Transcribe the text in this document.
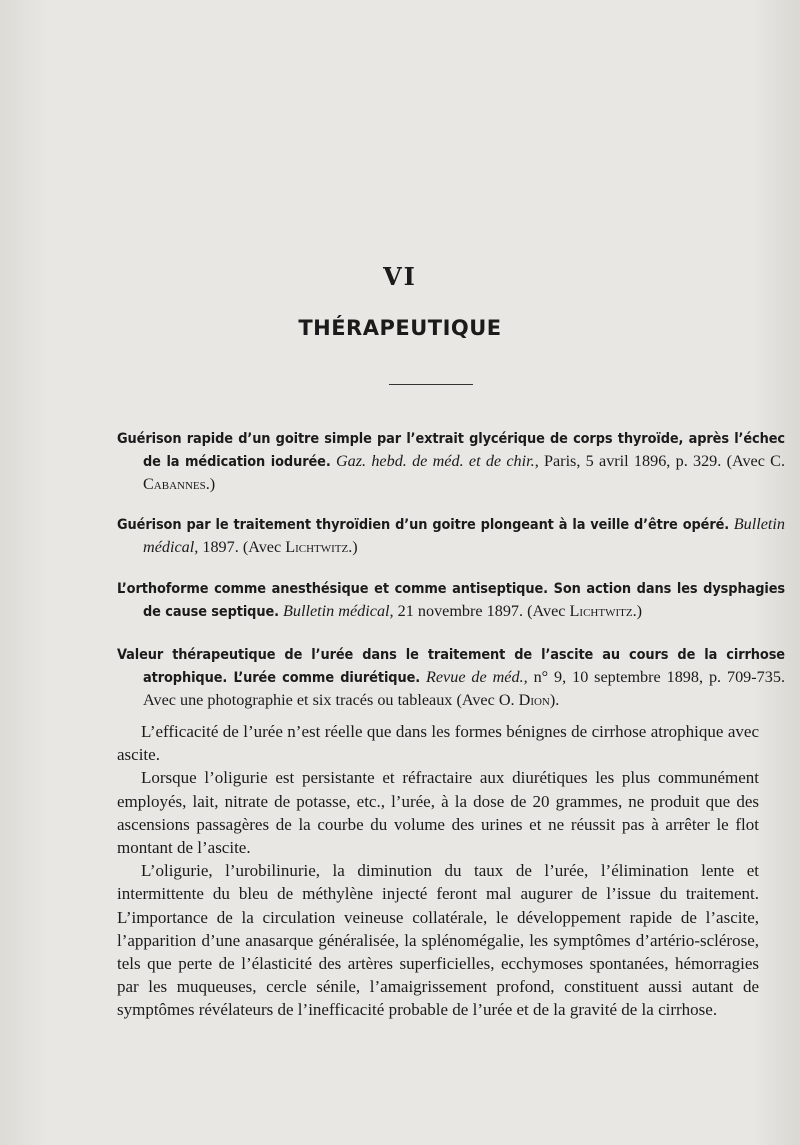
VI
THÉRAPEUTIQUE
Guérison rapide d’un goitre simple par l’extrait glycérique de corps thyroïde, après l’échec de la médication iodurée. Gaz. hebd. de méd. et de chir., Paris, 5 avril 1896, p. 329. (Avec C. Cabannes.)
Guérison par le traitement thyroïdien d’un goitre plongeant à la veille d’être opéré. Bulletin médical, 1897. (Avec Lichtwitz.)
L’orthoforme comme anesthésique et comme antiseptique. Son action dans les dysphagies de cause septique. Bulletin médical, 21 novembre 1897. (Avec Lichtwitz.)
Valeur thérapeutique de l’urée dans le traitement de l’ascite au cours de la cirrhose atrophique. L’urée comme diurétique. Revue de méd., n° 9, 10 septembre 1898, p. 709-735. Avec une photographie et six tracés ou tableaux (Avec O. Dion).

L’efficacité de l’urée n’est réelle que dans les formes bénignes de cirrhose atrophique avec ascite.

Lorsque l’oligurie est persistante et réfractaire aux diurétiques les plus communément employés, lait, nitrate de potasse, etc., l’urée, à la dose de 20 grammes, ne produit que des ascensions passagères de la courbe du volume des urines et ne réussit pas à arrêter le flot montant de l’ascite.

L’oligurie, l’urobilinurie, la diminution du taux de l’urée, l’élimination lente et intermittente du bleu de méthylène injecté feront mal augurer de l’issue du traitement. L’importance de la circulation veineuse collatérale, le développement rapide de l’ascite, l’apparition d’une anasarque généralisée, la splénomégalie, les symptômes d’artério-sclérose, tels que perte de l’élasticité des artères superficielles, ecchymoses spontanées, hémorragies par les muqueuses, cercle sénile, l’amaigrissement profond, constituent aussi autant de symptômes révélateurs de l’inefficacité probable de l’urée et de la gravité de la cirrhose.
